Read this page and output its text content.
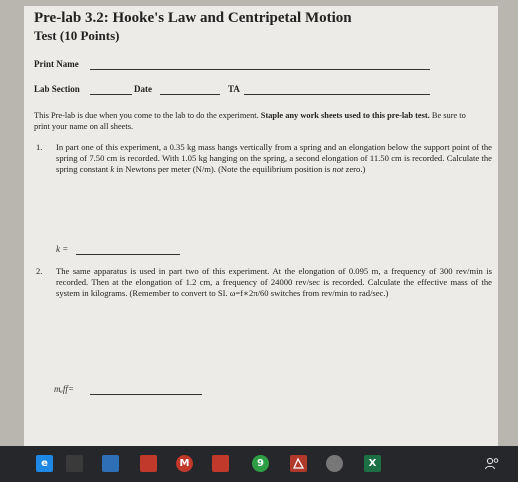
Pre-lab 3.2: Hooke's Law and Centripetal Motion
Test (10 Points)
Print Name
Lab Section	Date	TA
This Pre-lab is due when you come to the lab to do the experiment. Staple any work sheets used to this pre-lab test. Be sure to print your name on all sheets.
1. In part one of this experiment, a 0.35 kg mass hangs vertically from a spring and an elongation below the support point of the spring of 7.50 cm is recorded. With 1.05 kg hanging on the spring, a second elongation of 11.50 cm is recorded. Calculate the spring constant k in Newtons per meter (N/m). (Note the equilibrium position is not zero.)
k =
2. The same apparatus is used in part two of this experiment. At the elongation of 0.095 m, a frequency of 300 rev/min is recorded. Then at the elongation of 1.2 cm, a frequency of 24000 rev/sec is recorded. Calculate the effective mass of the system in kilograms. (Remember to convert to SI. ω=f∗2π/60 switches from rev/min to rad/sec.)
mₑff=
e	M	9	X
